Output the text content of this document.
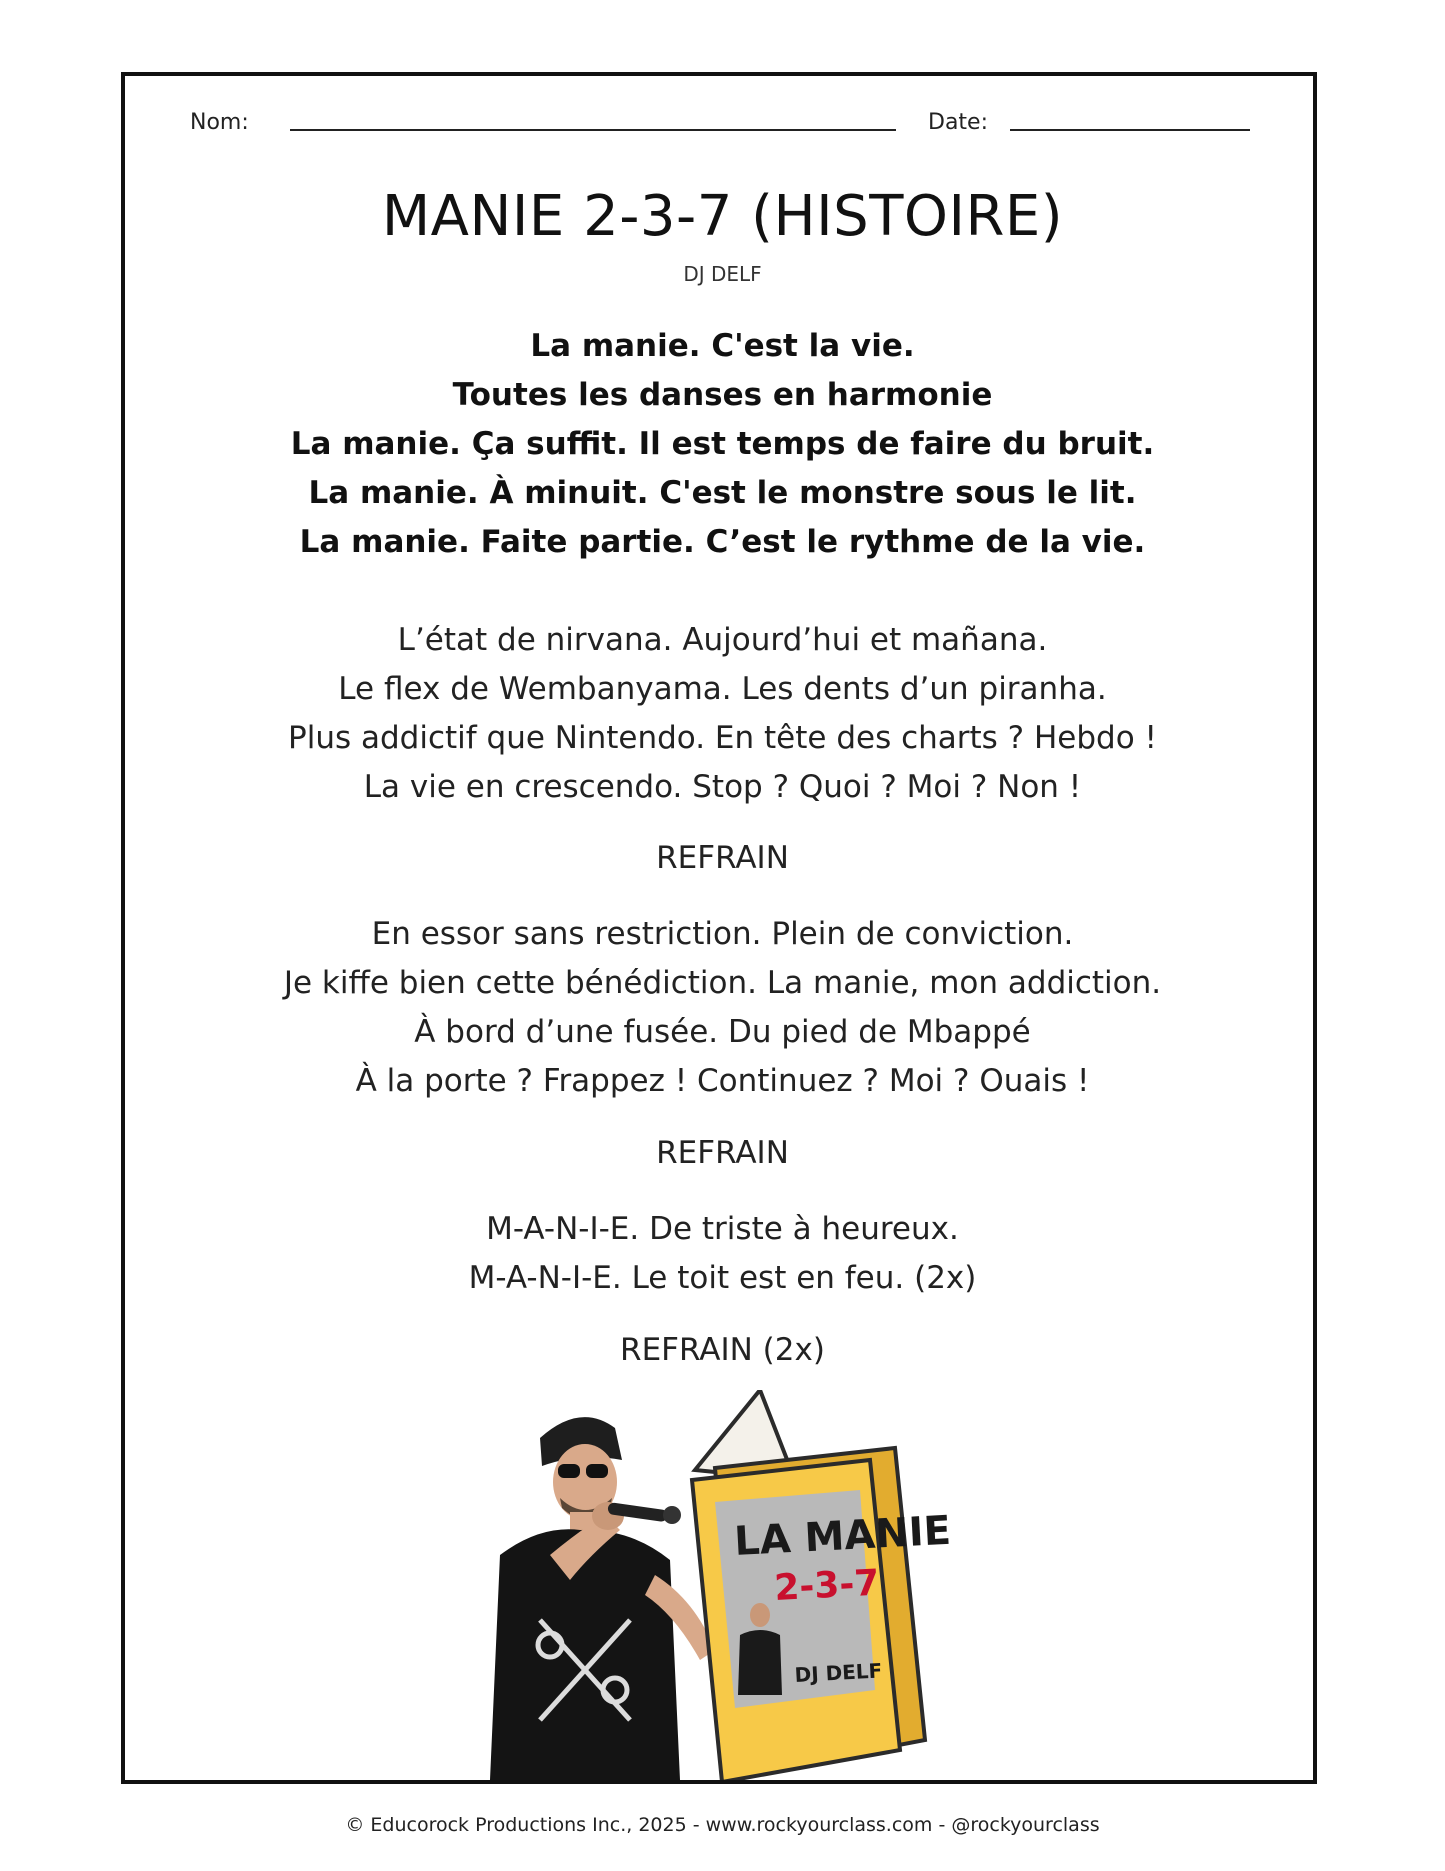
Nom:	Date:
MANIE 2-3-7 (HISTOIRE)
DJ DELF
La manie. C'est la vie.
Toutes les danses en harmonie
La manie. Ça suffit. Il est temps de faire du bruit.
La manie. À minuit. C'est le monstre sous le lit.
La manie. Faite partie. C’est le rythme de la vie.
L’état de nirvana. Aujourd’hui et mañana.
Le flex de Wembanyama. Les dents d’un piranha.
Plus addictif que Nintendo. En tête des charts ? Hebdo !
La vie en crescendo. Stop ? Quoi ? Moi ? Non !
REFRAIN
En essor sans restriction. Plein de conviction.
Je kiffe bien cette bénédiction. La manie, mon addiction.
À bord d’une fusée. Du pied de Mbappé
À la porte ? Frappez ! Continuez ? Moi ? Ouais !
REFRAIN
M-A-N-I-E. De triste à heureux.
M-A-N-I-E. Le toit est en feu. (2x)
REFRAIN (2x)
LA MANIE
2-3-7
DJ DELF
© Educorock Productions Inc., 2025 - www.rockyourclass.com - @rockyourclass
